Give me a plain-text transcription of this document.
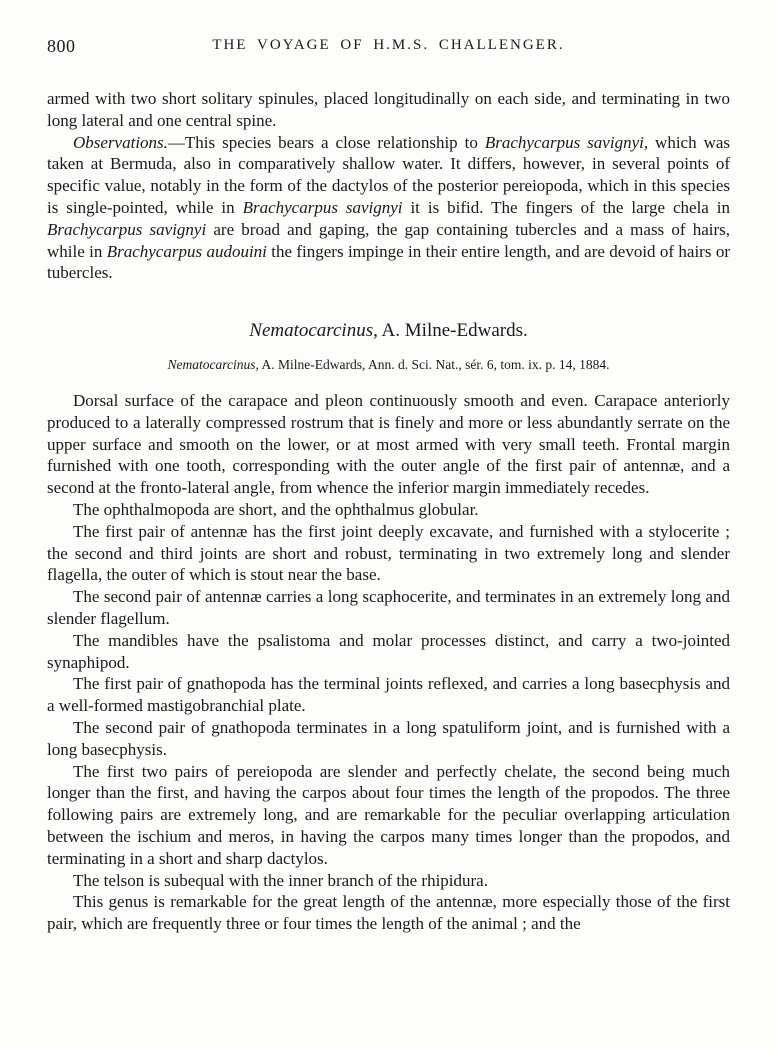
800	THE VOYAGE OF H.M.S. CHALLENGER.

armed with two short solitary spinules, placed longitudinally on each side, and terminating in two long lateral and one central spine.

Observations.—This species bears a close relationship to Brachycarpus savignyi, which was taken at Bermuda, also in comparatively shallow water. It differs, however, in several points of specific value, notably in the form of the dactylos of the posterior pereiopoda, which in this species is single-pointed, while in Brachycarpus savignyi it is bifid. The fingers of the large chela in Brachycarpus savignyi are broad and gaping, the gap containing tubercles and a mass of hairs, while in Brachycarpus audouini the fingers impinge in their entire length, and are devoid of hairs or tubercles.

Nematocarcinus, A. Milne-Edwards.

Nematocarcinus, A. Milne-Edwards, Ann. d. Sci. Nat., sér. 6, tom. ix. p. 14, 1884.

Dorsal surface of the carapace and pleon continuously smooth and even. Carapace anteriorly produced to a laterally compressed rostrum that is finely and more or less abundantly serrate on the upper surface and smooth on the lower, or at most armed with very small teeth. Frontal margin furnished with one tooth, corresponding with the outer angle of the first pair of antennæ, and a second at the fronto-lateral angle, from whence the inferior margin immediately recedes.

The ophthalmopoda are short, and the ophthalmus globular.

The first pair of antennæ has the first joint deeply excavate, and furnished with a stylocerite ; the second and third joints are short and robust, terminating in two extremely long and slender flagella, the outer of which is stout near the base.

The second pair of antennæ carries a long scaphocerite, and terminates in an extremely long and slender flagellum.

The mandibles have the psalistoma and molar processes distinct, and carry a two-jointed synaphipod.

The first pair of gnathopoda has the terminal joints reflexed, and carries a long basecphysis and a well-formed mastigobranchial plate.

The second pair of gnathopoda terminates in a long spatuliform joint, and is furnished with a long basecphysis.

The first two pairs of pereiopoda are slender and perfectly chelate, the second being much longer than the first, and having the carpos about four times the length of the propodos. The three following pairs are extremely long, and are remarkable for the peculiar overlapping articulation between the ischium and meros, in having the carpos many times longer than the propodos, and terminating in a short and sharp dactylos.

The telson is subequal with the inner branch of the rhipidura.

This genus is remarkable for the great length of the antennæ, more especially those of the first pair, which are frequently three or four times the length of the animal ; and the
